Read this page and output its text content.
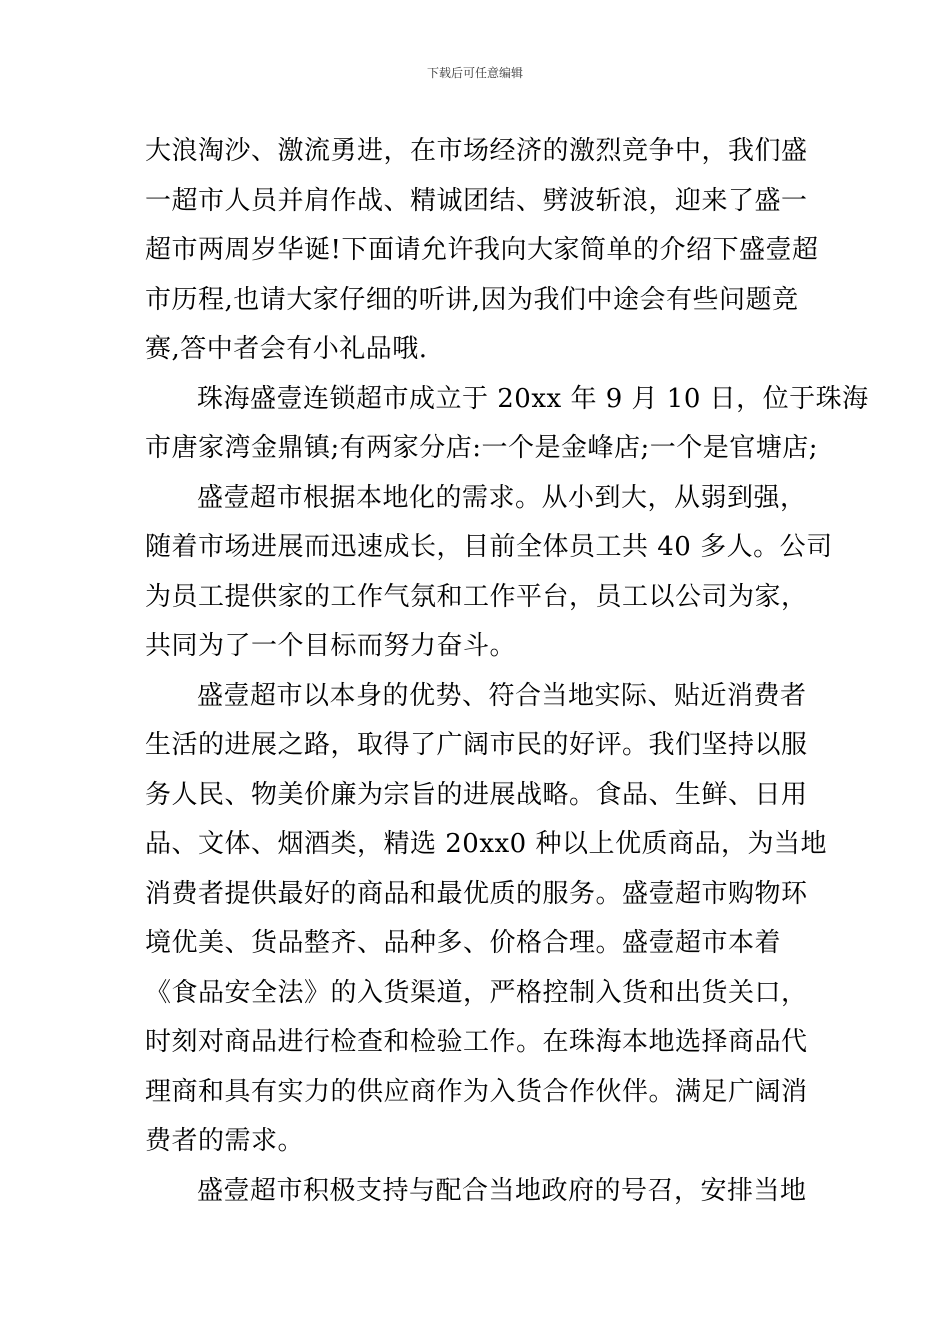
下载后可任意编辑
大浪淘沙、激流勇进，在市场经济的激烈竞争中，我们盛
一超市人员并肩作战、精诚团结、劈波斩浪，迎来了盛一
超市两周岁华诞!下面请允许我向大家简单的介绍下盛壹超
市历程,也请大家仔细的听讲,因为我们中途会有些问题竞
赛,答中者会有小礼品哦.
珠海盛壹连锁超市成立于 20xx 年 9 月 10 日，位于珠海
市唐家湾金鼎镇;有两家分店:一个是金峰店;一个是官塘店;
盛壹超市根据本地化的需求。从小到大，从弱到强，
随着市场进展而迅速成长，目前全体员工共 40 多人。公司
为员工提供家的工作气氛和工作平台，员工以公司为家，
共同为了一个目标而努力奋斗。
盛壹超市以本身的优势、符合当地实际、贴近消费者
生活的进展之路，取得了广阔市民的好评。我们坚持以服
务人民、物美价廉为宗旨的进展战略。食品、生鲜、日用
品、文体、烟酒类，精选 20xx0 种以上优质商品，为当地
消费者提供最好的商品和最优质的服务。盛壹超市购物环
境优美、货品整齐、品种多、价格合理。盛壹超市本着
《食品安全法》的入货渠道，严格控制入货和出货关口，
时刻对商品进行检查和检验工作。在珠海本地选择商品代
理商和具有实力的供应商作为入货合作伙伴。满足广阔消
费者的需求。
盛壹超市积极支持与配合当地政府的号召，安排当地
